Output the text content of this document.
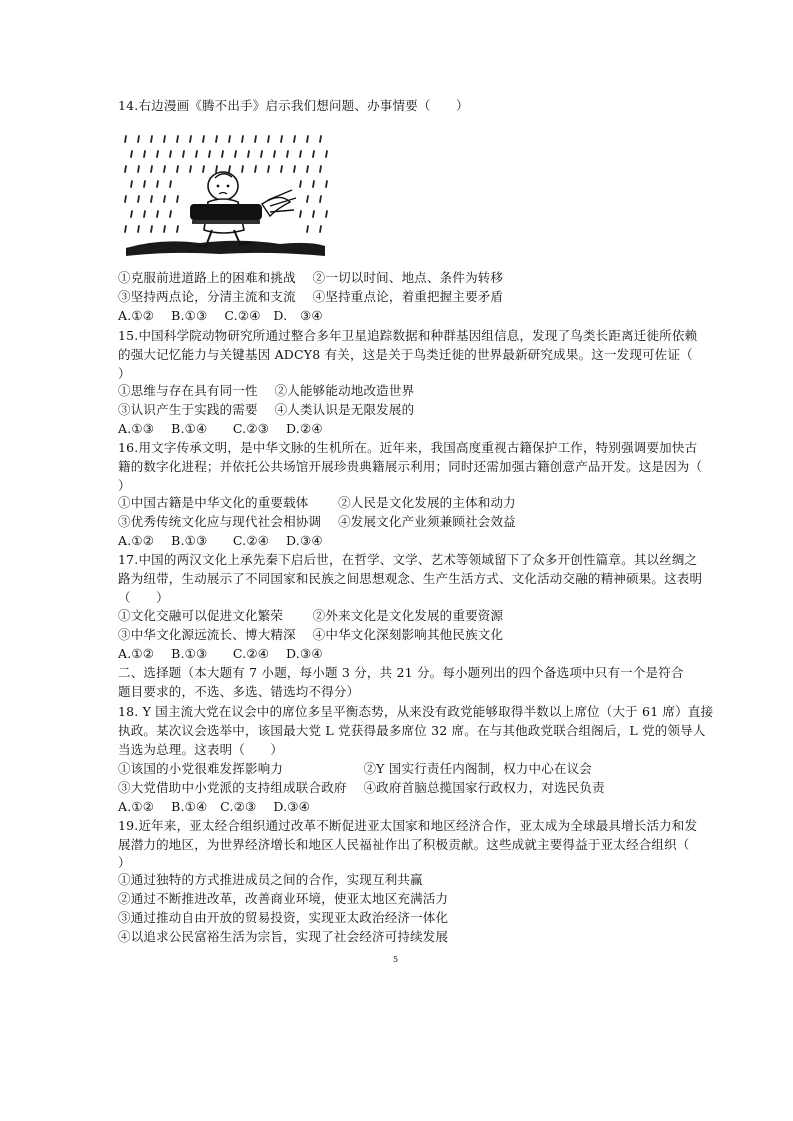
14.右边漫画《腾不出手》启示我们想问题、办事情要（　　）
①克服前进道路上的困难和挑战　 ②一切以时间、地点、条件为转移
③坚持两点论，分清主流和支流　 ④坚持重点论，着重把握主要矛盾
A.①②　 B.①③　 C.②④　D.　③④
15.中国科学院动物研究所通过整合多年卫星追踪数据和种群基因组信息，发现了鸟类长距离迁徙所依赖
的强大记忆能力与关键基因 ADCY8 有关，这是关于鸟类迁徙的世界最新研究成果。这一发现可佐证（
）
①思维与存在具有同一性　 ②人能够能动地改造世界
③认识产生于实践的需要　 ④人类认识是无限发展的
A.①③　 B.①④　　C.②③　 D.②④
16.用文字传承文明，是中华文脉的生机所在。近年来，我国高度重视古籍保护工作，特别强调要加快古
籍的数字化进程；并依托公共场馆开展珍贵典籍展示利用；同时还需加强古籍创意产品开发。这是因为（
）
①中国古籍是中华文化的重要载体　　 ②人民是文化发展的主体和动力
③优秀传统文化应与现代社会相协调　 ④发展文化产业须兼顾社会效益
A.①②　 B.①③　　C.②④　 D.③④
17.中国的两汉文化上承先秦下启后世，在哲学、文学、艺术等领域留下了众多开创性篇章。其以丝绸之
路为纽带，生动展示了不同国家和民族之间思想观念、生产生活方式、文化活动交融的精神硕果。这表明
（　　）
①文化交融可以促进文化繁荣　　 ②外来文化是文化发展的重要资源
③中华文化源远流长、博大精深　 ④中华文化深刻影响其他民族文化
A.①②　 B.①③　　C.②④　 D.③④
二、选择题（本大题有 7 小题，每小题 3 分，共 21 分。每小题列出的四个备选项中只有一个是符合
题目要求的，不选、多选、错选均不得分）
18. Y 国主流大党在议会中的席位多呈平衡态势，从来没有政党能够取得半数以上席位（大于 61 席）直接
执政。某次议会选举中，该国最大党 L 党获得最多席位 32 席。在与其他政党联合组阁后，L 党的领导人
当选为总理。这表明（　　）
①该国的小党很难发挥影响力　　　　　　 ②Y 国实行责任内阁制，权力中心在议会
③大党借助中小党派的支持组成联合政府　 ④政府首脑总揽国家行政权力，对选民负责
A.①②　 B.①④　C.②③　 D.③④
19.近年来，亚太经合组织通过改革不断促进亚太国家和地区经济合作，亚太成为全球最具增长活力和发
展潜力的地区，为世界经济增长和地区人民福祉作出了积极贡献。这些成就主要得益于亚太经合组织（
）
①通过独特的方式推进成员之间的合作，实现互利共赢
②通过不断推进改革，改善商业环境，使亚太地区充满活力
③通过推动自由开放的贸易投资，实现亚太政治经济一体化
④以追求公民富裕生活为宗旨，实现了社会经济可持续发展
5
